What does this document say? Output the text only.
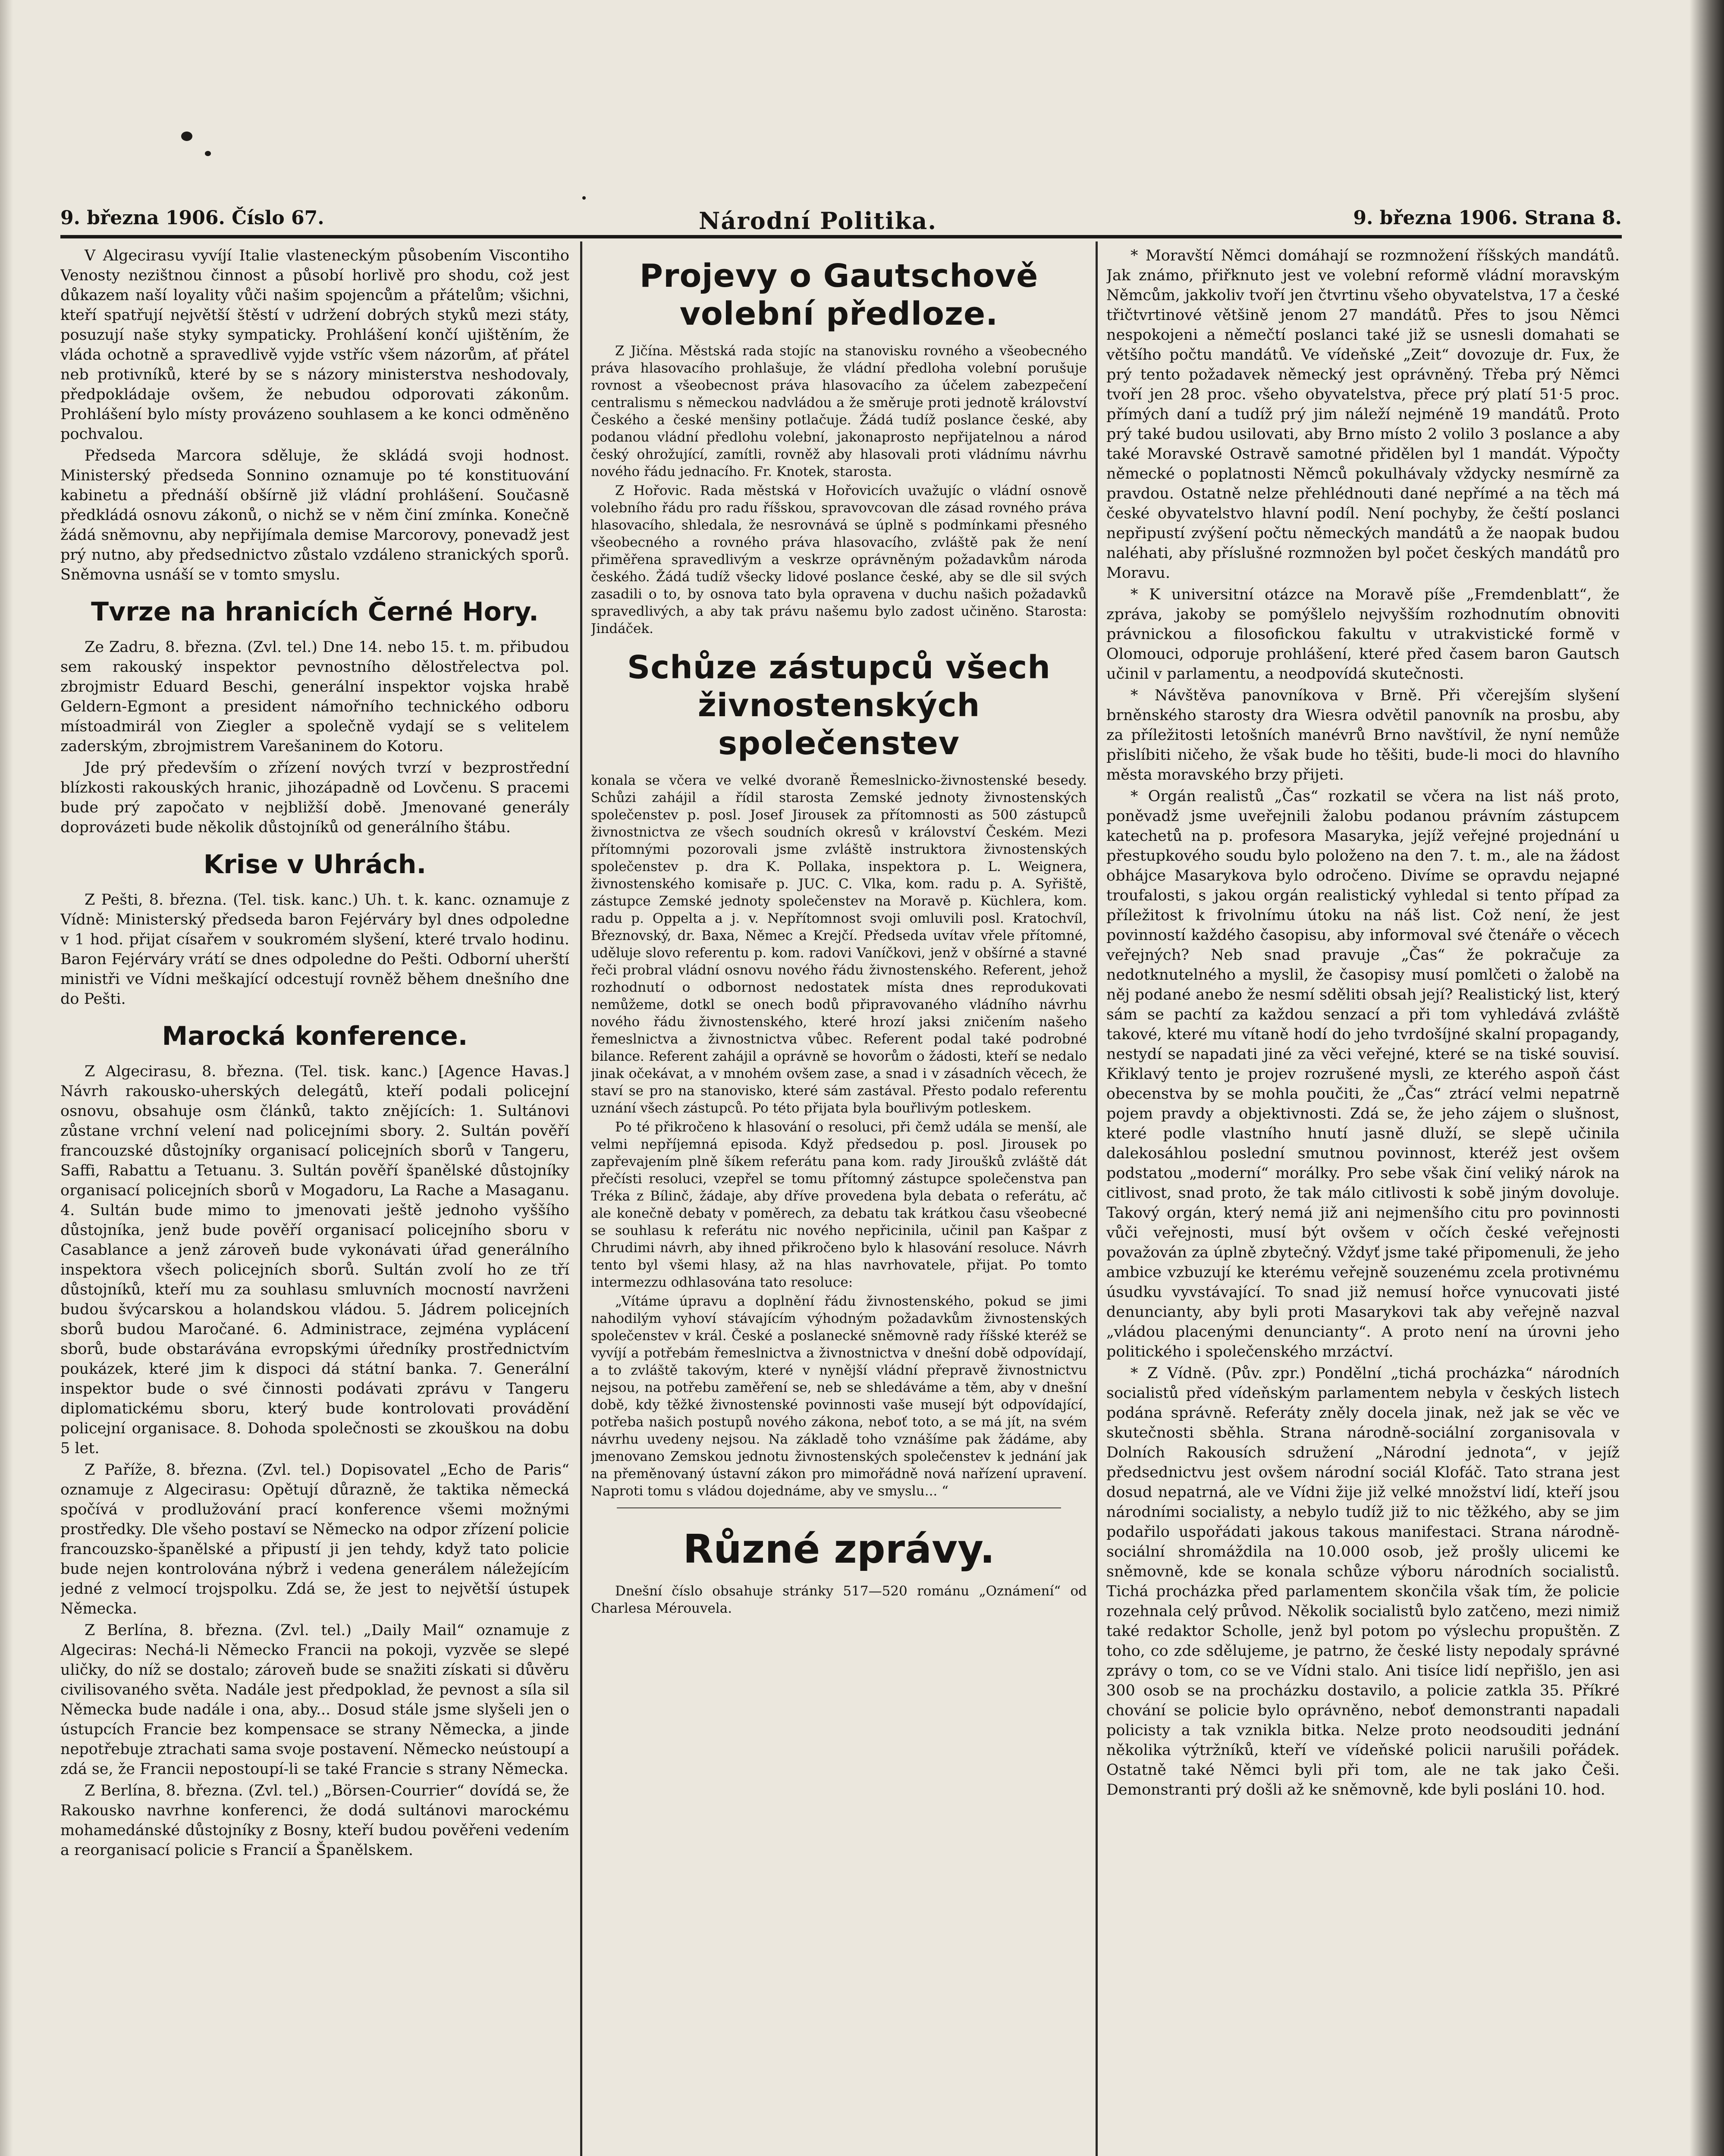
9. března 1906. Číslo 67.	Národní Politika.	9. března 1906. Strana 8.

V Algecirasu vyvíjí Italie vlasteneckým působením Viscontiho Venosty nezištnou činnost a působí horlivě pro shodu, což jest důkazem naší loyality vůči našim spojencům a přátelům; všichni, kteří spatřují největší štěstí v udržení dobrých styků mezi státy, posuzují naše styky sympaticky. Prohlášení končí ujištěním, že vláda ochotně a spravedlivě vyjde vstříc všem názorům, ať přátel neb protivníků, které by se s názory ministerstva neshodovaly, předpokládaje ovšem, že nebudou odporovati zákonům. Prohlášení bylo místy provázeno souhlasem a ke konci odměněno pochvalou.

Předseda Marcora sděluje, že skládá svoji hodnost. Ministerský předseda Sonnino oznamuje po té konstituování kabinetu a přednáší obšírně již vládní prohlášení. Současně předkládá osnovu zákonů, o nichž se v něm činí zmínka. Konečně žádá sněmovnu, aby nepřijímala demise Marcorovy, ponevadž jest prý nutno, aby předsednictvo zůstalo vzdáleno stranických sporů. Sněmovna usnáší se v tomto smyslu.

Tvrze na hranicích Černé Hory.

Ze Zadru, 8. března. (Zvl. tel.) Dne 14. nebo 15. t. m. přibudou sem rakouský inspektor pevnostního dělostřelectva pol. zbrojmistr Eduard Beschi, generální inspektor vojska hrabě Geldern-Egmont a president námořního technického odboru místoadmirál von Ziegler a společně vydají se s velitelem zaderským, zbrojmistrem Varešaninem do Kotoru.

Jde prý především o zřízení nových tvrzí v bezprostřední blízkosti rakouských hranic, jihozápadně od Lovčenu. S pracemi bude prý započato v nejbližší době. Jmenované generály doprovázeti bude několik důstojníků od generálního štábu.

Krise v Uhrách.

Z Pešti, 8. března. (Tel. tisk. kanc.) Uh. t. k. kanc. oznamuje z Vídně: Ministerský předseda baron Fejérváry byl dnes odpoledne v 1 hod. přijat císařem v soukromém slyšení, které trvalo hodinu. Baron Fejérváry vrátí se dnes odpoledne do Pešti. Odborní uherští ministři ve Vídni meškající odcestují rovněž během dnešního dne do Pešti.

Marocká konference.

Z Algecirasu, 8. března. (Tel. tisk. kanc.) [Agence Havas.] Návrh rakousko-uherských delegátů, kteří podali policejní osnovu, obsahuje osm článků, takto znějících: 1. Sultánovi zůstane vrchní velení nad policejními sbory. 2. Sultán pověří francouzské důstojníky organisací policejních sborů v Tangeru, Saffi, Rabattu a Tetuanu. 3. Sultán pověří španělské důstojníky organisací policejních sborů v Mogadoru, La Rache a Masaganu. 4. Sultán bude mimo to jmenovati ještě jednoho vyššího důstojníka, jenž bude pověří organisací policejního sboru v Casablance a jenž zároveň bude vykonávati úřad generálního inspektora všech policejních sborů. Sultán zvolí ho ze tří důstojníků, kteří mu za souhlasu smluvních mocností navrženi budou švýcarskou a holandskou vládou. 5. Jádrem policejních sborů budou Maročané. 6. Administrace, zejména vyplácení sborů, bude obstarávána evropskými úředníky prostřednictvím poukázek, které jim k dispoci dá státní banka. 7. Generální inspektor bude o své činnosti podávati zprávu v Tangeru diplomatickému sboru, který bude kontrolovati provádění policejní organisace. 8. Dohoda společnosti se zkouškou na dobu 5 let.

Z Paříže, 8. března. (Zvl. tel.) Dopisovatel „Echo de Paris“ oznamuje z Algecirasu: Opětují důrazně, že taktika německá spočívá v prodlužování prací konference všemi možnými prostředky. Dle všeho postaví se Německo na odpor zřízení policie francouzsko-španělské a připustí ji jen tehdy, když tato policie bude nejen kontrolována nýbrž i vedena generálem náležejícím jedné z velmocí trojspolku. Zdá se, že jest to největší ústupek Německa.

Z Berlína, 8. března. (Zvl. tel.) „Daily Mail“ oznamuje z Algeciras: Nechá-li Německo Francii na pokoji, vyzvěe se slepé uličky, do níž se dostalo; zároveň bude se snažiti získati si důvěru civilisovaného světa. Nadále jest předpoklad, že pevnost a síla sil Německa bude nadále i ona, aby... Dosud stále jsme slyšeli jen o ústupcích Francie bez kompensace se strany Německa, a jinde nepotřebuje ztrachati sama svoje postavení. Německo neústoupí a zdá se, že Francii nepostoupí-li se také Francie s strany Německa.

Z Berlína, 8. března. (Zvl. tel.) „Börsen-Courrier“ dovídá se, že Rakousko navrhne konferenci, že dodá sultánovi marockému mohamedánské důstojníky z Bosny, kteří budou pověřeni vedením a reorganisací policie s Francií a Španělskem.

Projevy o Gautschově volební předloze.

Z Jičína. Městská rada stojíc na stanovisku rovného a všeobecného práva hlasovacího prohlašuje, že vládní předloha volební porušuje rovnost a všeobecnost práva hlasovacího za účelem zabezpečení centralismu s německou nadvládou a že směruje proti jednotě království Českého a české menšiny potlačuje. Žádá tudíž poslance české, aby podanou vládní předlohu volební, jakonaprosto nepřijatelnou a národ český ohrožující, zamítli, rovněž aby hlasovali proti vládnímu návrhu nového řádu jednacího. Fr. Knotek, starosta.

Z Hořovic. Rada městská v Hořovicích uvažujíc o vládní osnově volebního řádu pro radu říšskou, spravovcovan dle zásad rovného práva hlasovacího, shledala, že nesrovnává se úplně s podmínkami přesného všeobecného a rovného práva hlasovacího, zvláště pak že není přiměřena spravedlivým a veskrze oprávněným požadavkům národa českého. Žádá tudíž všecky lidové poslance české, aby se dle sil svých zasadili o to, by osnova tato byla opravena v duchu našich požadavků spravedlivých, a aby tak právu našemu bylo zadost učiněno. Starosta: Jindáček.

Schůze zástupců všech živnostenských společenstev

konala se včera ve velké dvoraně Řemeslnicko-živnostenské besedy. Schůzi zahájil a řídil starosta Zemské jednoty živnostenských společenstev p. posl. Josef Jirousek za přítomnosti as 500 zástupců živnostnictva ze všech soudních okresů v království Českém. Mezi přítomnými pozorovali jsme zvláště instruktora živnostenských společenstev p. dra K. Pollaka, inspektora p. L. Weignera, živnostenského komisaře p. JUC. C. Vlka, kom. radu p. A. Syřiště, zástupce Zemské jednoty společenstev na Moravě p. Küchlera, kom. radu p. Oppelta a j. v. Nepřítomnost svoji omluvili posl. Kratochvíl, Březnovský, dr. Baxa, Němec a Krejčí. Předseda uvítav vřele přítomné, uděluje slovo referentu p. kom. radovi Vaníčkovi, jenž v obšírné a stavné řeči probral vládní osnovu nového řádu živnostenského. Referent, jehož rozhodnutí o odbornost nedostatek místa dnes reprodukovati nemůžeme, dotkl se onech bodů připravovaného vládního návrhu nového řádu živnostenského, které hrozí jaksi zničením našeho řemeslnictva a živnostnictva vůbec. Referent podal také podrobné bilance. Referent zahájil a oprávně se hovorům o žádosti, kteří se nedalo jinak očekávat, a v mnohém ovšem zase, a snad i v zásadních věcech, že staví se pro na stanovisko, které sám zastával. Přesto podalo referentu uznání všech zástupců. Po této přijata byla bouřlivým potleskem.

Po té přikročeno k hlasování o resoluci, při čemž udála se menší, ale velmi nepříjemná episoda. Když předsedou p. posl. Jirousek po zapřevajením plně šíkem referátu pana kom. rady Jiroušků zvláště dát přečísti resoluci, vzepřel se tomu přítomný zástupce společenstva pan Tréka z Bílinč, žádaje, aby dříve provedena byla debata o referátu, ač ale konečně debaty v poměrech, za debatu tak krátkou času všeobecné se souhlasu k referátu nic nového nepřicinila, učinil pan Kašpar z Chrudimi návrh, aby ihned přikročeno bylo k hlasování resoluce. Návrh tento byl všemi hlasy, až na hlas navrhovatele, přijat. Po tomto intermezzu odhlasována tato resoluce:

„Vítáme úpravu a doplnění řádu živnostenského, pokud se jimi nahodilým vyhoví stávajícím výhodným požadavkům živnostenských společenstev v král. České a poslanecké sněmovně rady říšské kteréž se vyvíjí a potřebám řemeslnictva a živnostnictva v dnešní době odpovídají, a to zvláště takovým, které v nynější vládní přepravě živnostnictvu nejsou, na potřebu zaměření se, neb se shledáváme a těm, aby v dnešní době, kdy těžké živnostenské povinnosti vaše musejí být odpovídající, potřeba našich postupů nového zákona, neboť toto, a se má jít, na svém návrhu uvedeny nejsou. Na základě toho vznášíme pak žádáme, aby jmenovano Zemskou jednotu živnostenských společenstev k jednání jak na přeměnovaný ústavní zákon pro mimořádně nová nařízení upravení. Naproti tomu s vládou dojednáme, aby ve smyslu... “

Různé zprávy.

Dnešní číslo obsahuje stránky 517—520 románu „Oznámení“ od Charlesa Mérouvela.

* Moravští Němci domáhají se rozmnožení říšských mandátů. Jak známo, přiřknuto jest ve volební reformě vládní moravským Němcům, jakkoliv tvoří jen čtvrtinu všeho obyvatelstva, 17 a české třičtvrtinové většině jenom 27 mandátů. Přes to jsou Němci nespokojeni a němečtí poslanci také již se usnesli domahati se většího počtu mandátů. Ve vídeňské „Zeit“ dovozuje dr. Fux, že prý tento požadavek německý jest oprávněný. Třeba prý Němci tvoří jen 28 proc. všeho obyvatelstva, přece prý platí 51·5 proc. přímých daní a tudíž prý jim náleží nejméně 19 mandátů. Proto prý také budou usilovati, aby Brno místo 2 volilo 3 poslance a aby také Moravské Ostravě samotné přidělen byl 1 mandát. Výpočty německé o poplatnosti Němců pokulhávaly vždycky nesmírně za pravdou. Ostatně nelze přehlédnouti dané nepřímé a na těch má české obyvatelstvo hlavní podíl. Není pochyby, že čeští poslanci nepřipustí zvýšení počtu německých mandátů a že naopak budou naléhati, aby příslušné rozmnožen byl počet českých mandátů pro Moravu.

* K universitní otázce na Moravě píše „Fremdenblatt“, že zpráva, jakoby se pomýšlelo nejvyšším rozhodnutím obnoviti právnickou a filosofickou fakultu v utrakvistické formě v Olomouci, odporuje prohlášení, které před časem baron Gautsch učinil v parlamentu, a neodpovídá skutečnosti.

* Návštěva panovníkova v Brně. Při včerejším slyšení brněnského starosty dra Wiesra odvětil panovník na prosbu, aby za příležitosti letošních manévrů Brno navštívil, že nyní nemůže přislíbiti ničeho, že však bude ho těšiti, bude-li moci do hlavního města moravského brzy přijeti.

* Orgán realistů „Čas“ rozkatil se včera na list náš proto, poněvadž jsme uveřejnili žalobu podanou právním zástupcem katechetů na p. profesora Masaryka, jejíž veřejné projednání u přestupkového soudu bylo položeno na den 7. t. m., ale na žádost obhájce Masarykova bylo odročeno. Divíme se opravdu nejapné troufalosti, s jakou orgán realistický vyhledal si tento případ za příležitost k frivolnímu útoku na náš list. Což není, že jest povinností každého časopisu, aby informoval své čtenáře o věcech veřejných? Neb snad pravuje „Čas“ že pokračuje za nedotknutelného a myslil, že časopisy musí pomlčeti o žalobě na něj podané anebo že nesmí sděliti obsah její? Realistický list, který sám se pachtí za každou senzací a při tom vyhledává zvláště takové, které mu vítaně hodí do jeho tvrdošíjné skalní propagandy, nestydí se napadati jiné za věci veřejné, které se na tiské souvisí. Křiklavý tento je projev rozrušené mysli, ze kterého aspoň část obecenstva by se mohla poučiti, že „Čas“ ztrácí velmi nepatrně pojem pravdy a objektivnosti. Zdá se, že jeho zájem o slušnost, které podle vlastního hnutí jasně dluží, se slepě učinila dalekosáhlou poslední smutnou povinnost, kteréž jest ovšem podstatou „moderní“ morálky. Pro sebe však činí veliký nárok na citlivost, snad proto, že tak málo citlivosti k sobě jiným dovoluje. Takový orgán, který nemá již ani nejmenšího citu pro povinnosti vůči veřejnosti, musí být ovšem v očích české veřejnosti považován za úplně zbytečný. Vždyť jsme také připomenuli, že jeho ambice vzbuzují ke kterému veřejně souzenému zcela protivnému úsudku vyvstávající. To snad již nemusí hořce vynucovati jisté denuncianty, aby byli proti Masarykovi tak aby veřejně nazval „vládou placenými denuncianty“. A proto není na úrovni jeho politického i společenského mrzáctví.

* Z Vídně. (Pův. zpr.) Pondělní „tichá procházka“ národních socialistů před vídeňským parlamentem nebyla v českých listech podána správně. Referáty zněly docela jinak, než jak se věc ve skutečnosti sběhla. Strana národně-sociální zorganisovala v Dolních Rakousích sdružení „Národní jednota“, v jejíž předsednictvu jest ovšem národní sociál Klofáč. Tato strana jest dosud nepatrná, ale ve Vídni žije již velké množství lidí, kteří jsou národními socialisty, a nebylo tudíž již to nic těžkého, aby se jim podařilo uspořádati jakous takous manifestaci. Strana národně-sociální shromáždila na 10.000 osob, jež prošly ulicemi ke sněmovně, kde se konala schůze výboru národních socialistů. Tichá procházka před parlamentem skončila však tím, že policie rozehnala celý průvod. Několik socialistů bylo zatčeno, mezi nimiž také redaktor Scholle, jenž byl potom po výslechu propuštěn. Z toho, co zde sdělujeme, je patrno, že české listy nepodaly správné zprávy o tom, co se ve Vídni stalo. Ani tisíce lidí nepřišlo, jen asi 300 osob se na procházku dostavilo, a policie zatkla 35. Příkré chování se policie bylo oprávněno, neboť demonstranti napadali policisty a tak vznikla bitka. Nelze proto neodsouditi jednání několika výtržníků, kteří ve vídeňské policii narušili pořádek. Ostatně také Němci byli při tom, ale ne tak jako Češi. Demonstranti prý došli až ke sněmovně, kde byli posláni 10. hod.
